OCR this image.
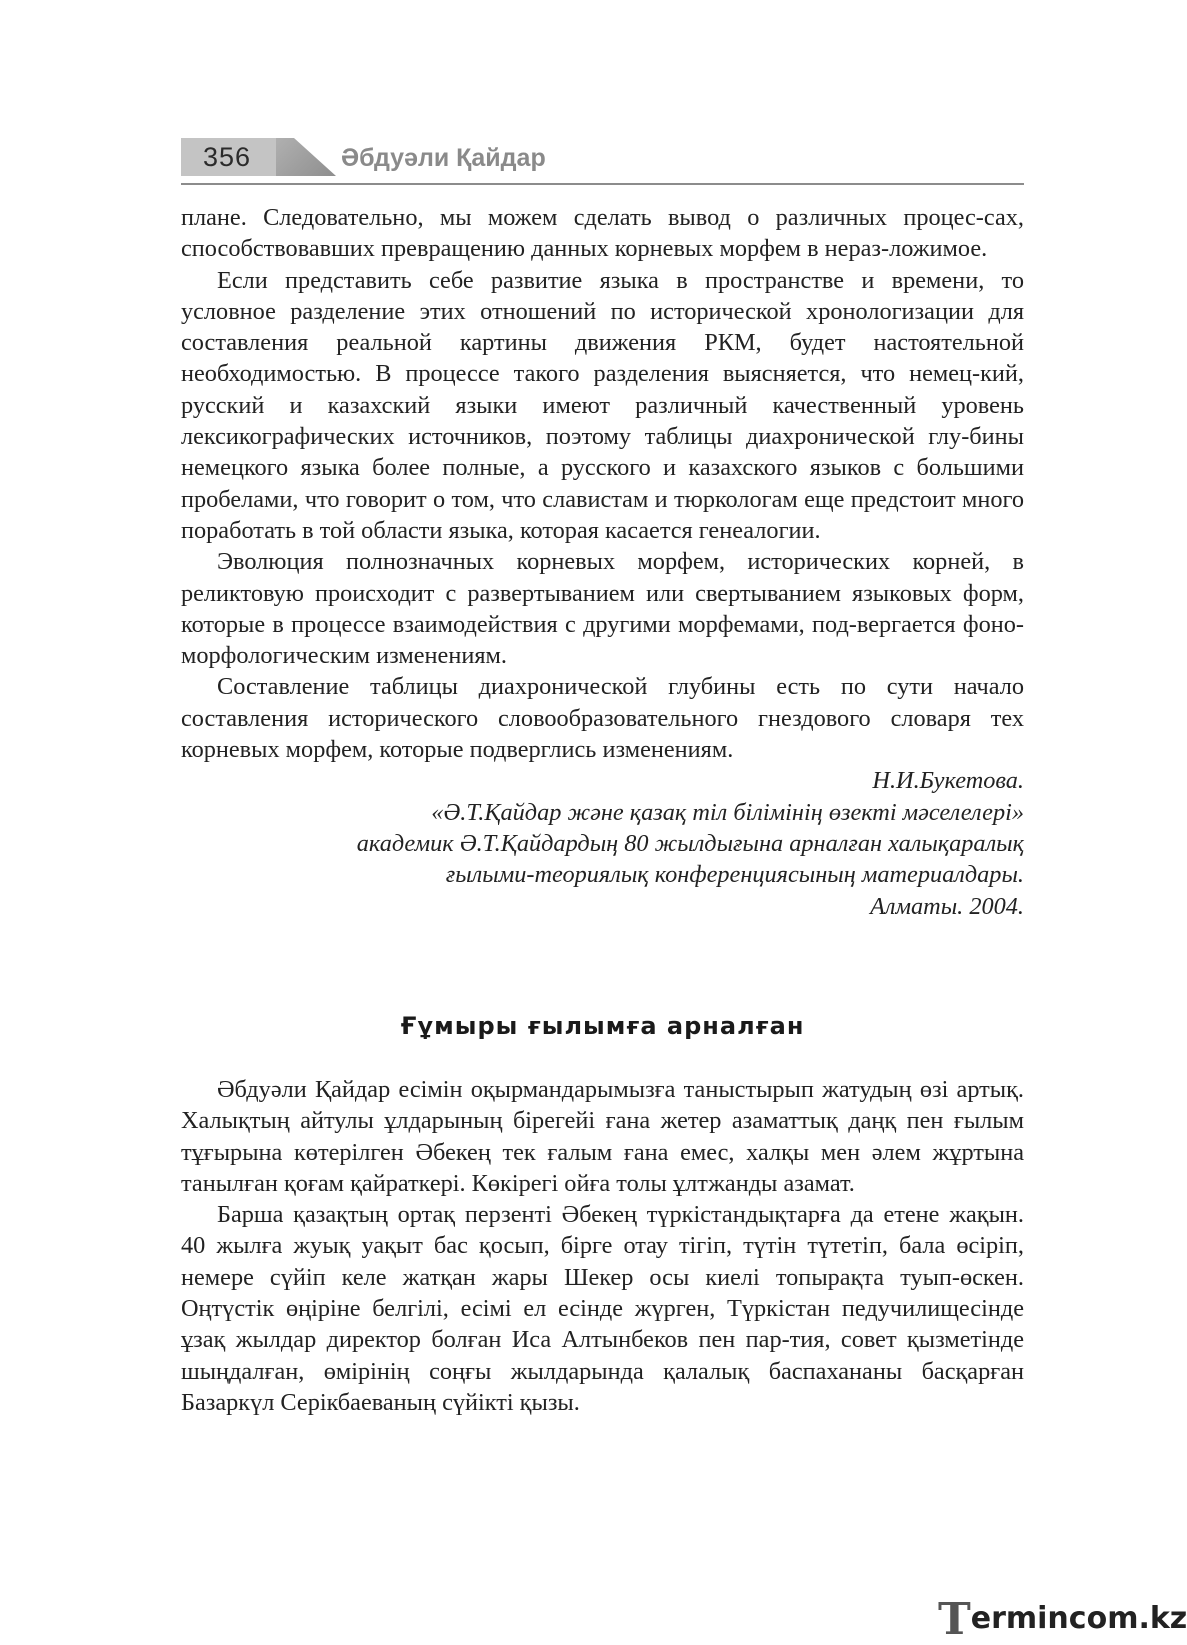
356	Әбдуәли Қайдар

плане. Следовательно, мы можем сделать вывод о различных процес-сах, способствовавших превращению данных корневых морфем в нераз-ложимое.

Если представить себе развитие языка в пространстве и времени, то условное разделение этих отношений по исторической хронологизации для составления реальной картины движения РКМ, будет настоятельной необходимостью. В процессе такого разделения выясняется, что немец-кий, русский и казахский языки имеют различный качественный уровень лексикографических источников, поэтому таблицы диахронической глу-бины немецкого языка более полные, а русского и казахского языков с большими пробелами, что говорит о том, что славистам и тюркологам еще предстоит много поработать в той области языка, которая касается генеалогии.

Эволюция полнозначных корневых морфем, исторических корней, в реликтовую происходит с развертыванием или свертыванием языковых форм, которые в процессе взаимодействия с другими морфемами, под-вергается фоно-морфологическим изменениям.

Составление таблицы диахронической глубины есть по сути начало составления исторического словообразовательного гнездового словаря тех корневых морфем, которые подверглись изменениям.

Н.И.Букетова.
«Ә.Т.Қайдар және қазақ тіл білімінің өзекті мәселелері»
академик Ә.Т.Қайдардың 80 жылдығына арналған халықаралық
ғылыми-теориялық конференциясының материалдары.
Алматы. 2004.
Ғұмыры ғылымға арналған

Әбдуәли Қайдар есімін оқырмандарымызға таныстырып жатудың өзі артық. Халықтың айтулы ұлдарының бірегейі ғана жетер азаматтық даңқ пен ғылым тұғырына көтерілген Әбекең тек ғалым ғана емес, халқы мен әлем жұртына танылған қоғам қайраткері. Көкірегі ойға толы ұлтжанды азамат.

Барша қазақтың ортақ перзенті Әбекең түркістандықтарға да етене жақын. 40 жылға жуық уақыт бас қосып, бірге отау тігіп, түтін түтетіп, бала өсіріп, немере сүйіп келе жатқан жары Шекер осы киелі топырақта туып-өскен. Оңтүстік өңіріне белгілі, есімі ел есінде жүрген, Түркістан педучилищесінде ұзақ жылдар директор болған Иса Алтынбеков пен пар-тия, совет қызметінде шыңдалған, өмірінің соңғы жылдарында қалалық баспахананы басқарған Базаркүл Серікбаеваның сүйікті қызы.

Termincom.kz
